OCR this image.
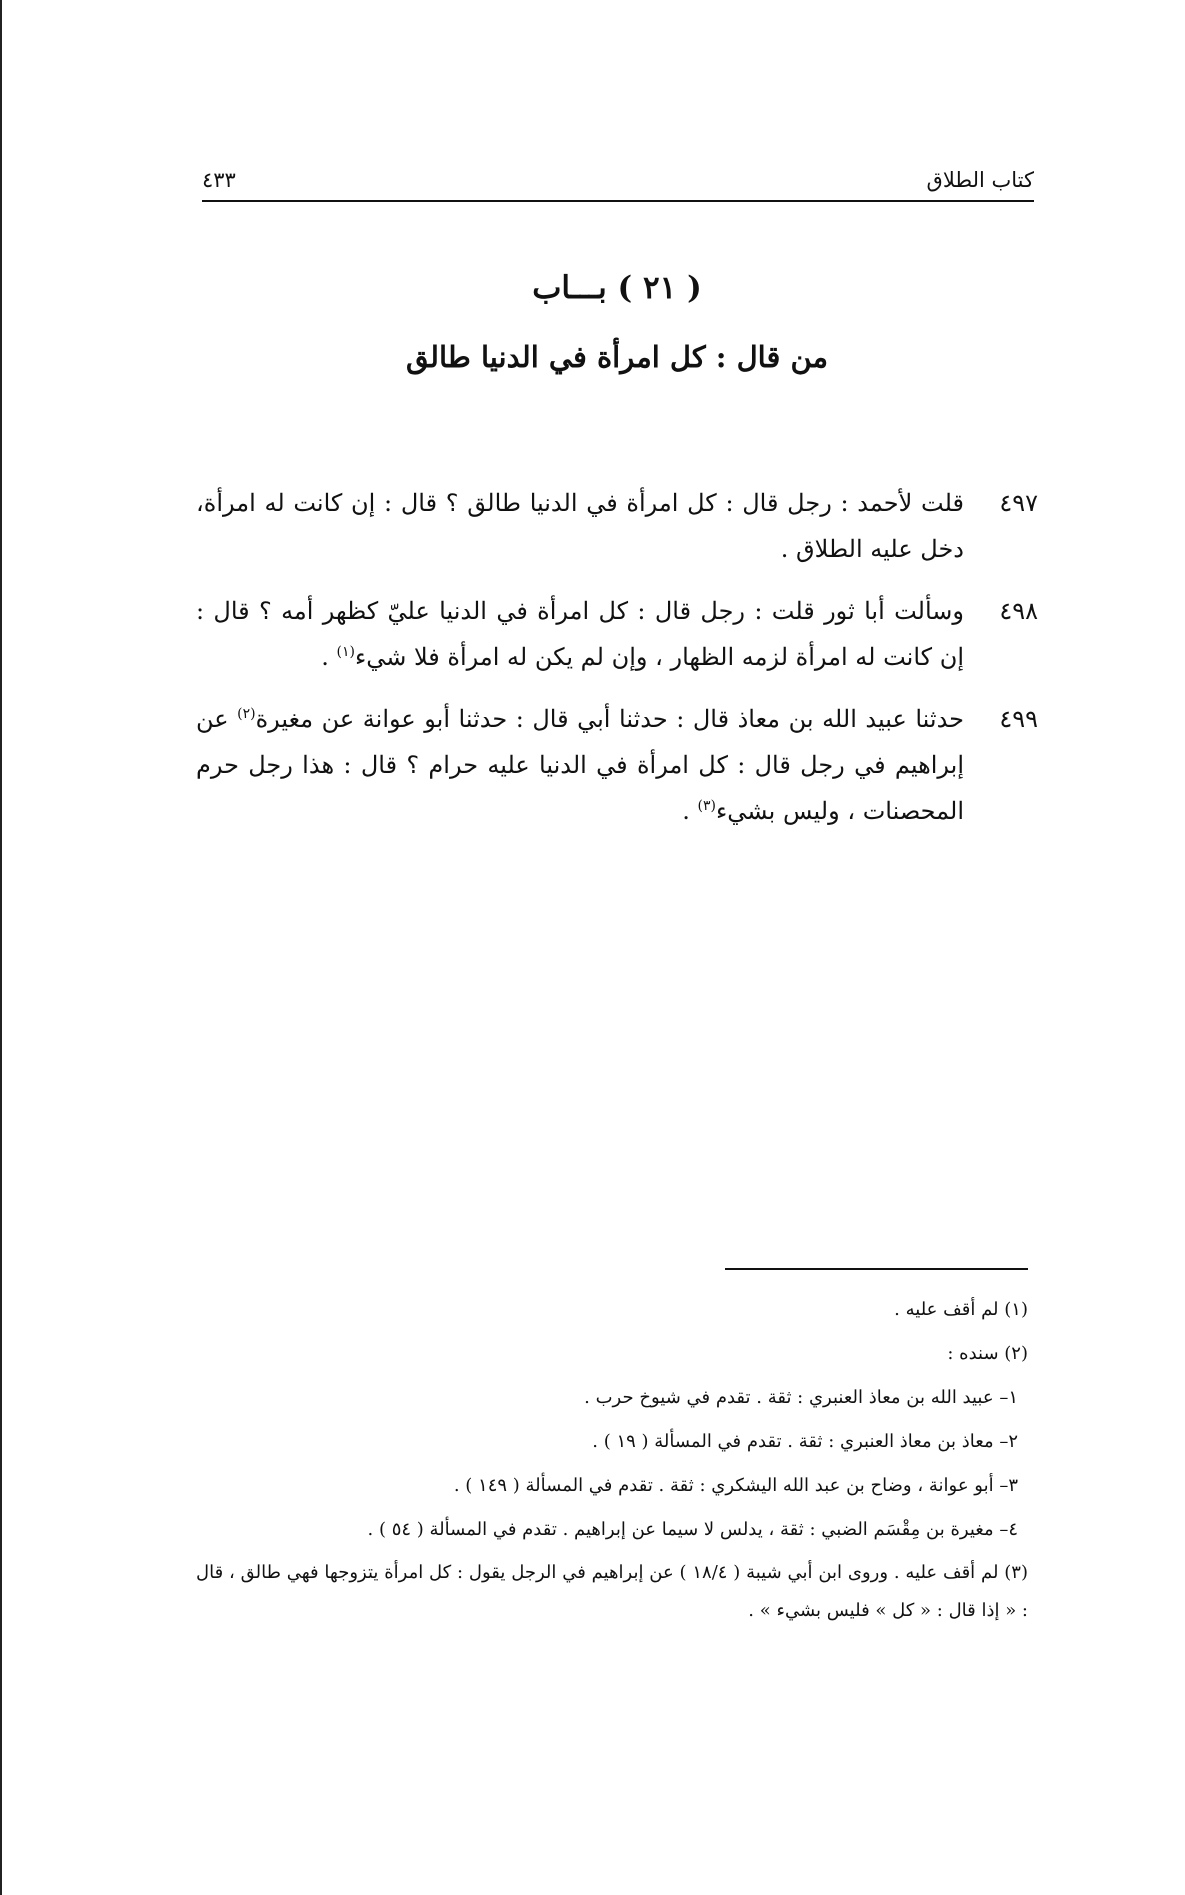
كتاب الطلاق
٤٣٣
( ٢١ ) بـــاب
من قال : كل امرأة في الدنيا طالق
٤٩٧
قلت لأحمد : رجل قال : كل امرأة في الدنيا طالق ؟ قال : إن كانت له امرأة، دخل عليه الطلاق .
٤٩٨
وسألت أبا ثور قلت : رجل قال : كل امرأة في الدنيا عليّ كظهر أمه ؟ قال : إن كانت له امرأة لزمه الظهار ، وإن لم يكن له امرأة فلا شيء$^{(١)}$ .
٤٩٩
حدثنا عبيد الله بن معاذ قال : حدثنا أبي قال : حدثنا أبو عوانة عن مغيرة$^{(٢)}$ عن إبراهيم في رجل قال : كل امرأة في الدنيا عليه حرام ؟ قال : هذا رجل حرم المحصنات ، وليس بشيء$^{(٣)}$ .

(١) لم أقف عليه .

(٢) سنده :

١– عبيد الله بن معاذ العنبري : ثقة . تقدم في شيوخ حرب .

٢– معاذ بن معاذ العنبري : ثقة . تقدم في المسألة ( ١٩ ) .

٣– أبو عوانة ، وضاح بن عبد الله اليشكري : ثقة . تقدم في المسألة ( ١٤٩ ) .

٤– مغيرة بن مِقْسَم الضبي : ثقة ، يدلس لا سيما عن إبراهيم . تقدم في المسألة ( ٥٤ ) .

(٣) لم أقف عليه . وروى ابن أبي شيبة ( ١٨/٤ ) عن إبراهيم في الرجل يقول : كل امرأة يتزوجها فهي طالق ، قال : « إذا قال : « كل » فليس بشيء » .
